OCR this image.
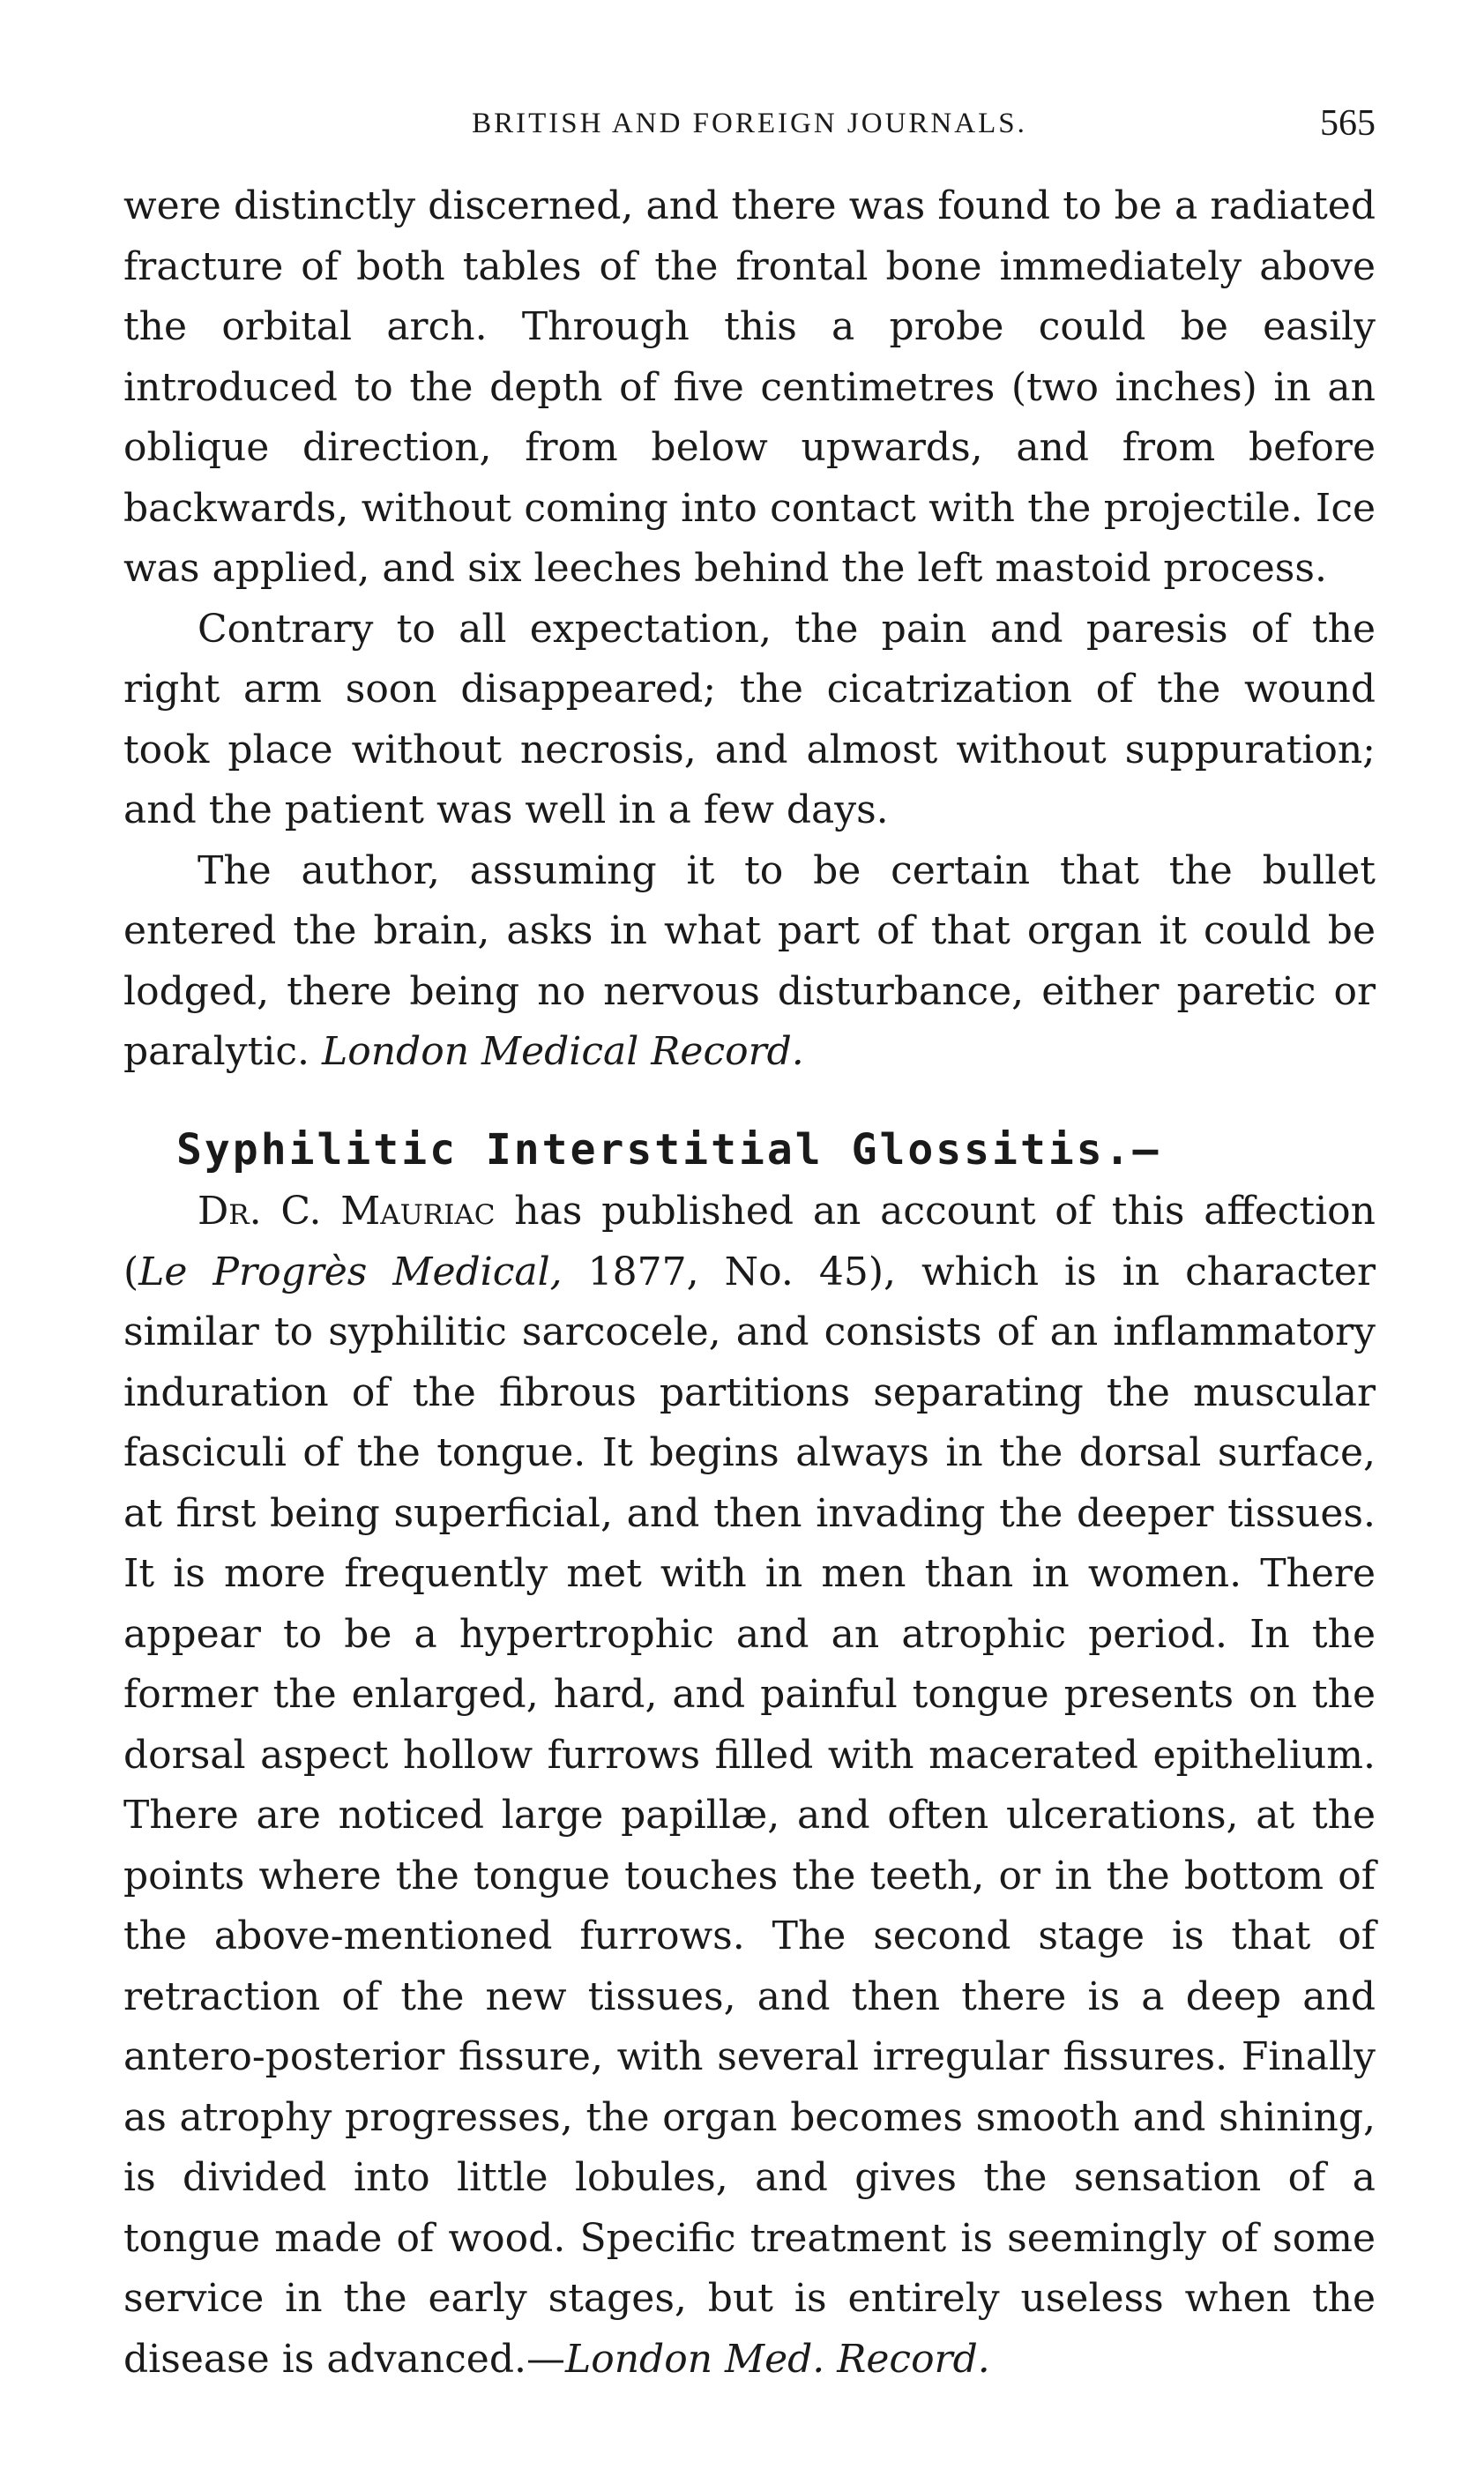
BRITISH AND FOREIGN JOURNALS.	565

were distinctly discerned, and there was found to be a radiated fracture of both tables of the frontal bone immediately above the orbital arch. Through this a probe could be easily introduced to the depth of five centimetres (two inches) in an oblique direction, from below upwards, and from before backwards, without coming into contact with the projectile. Ice was applied, and six leeches behind the left mastoid process.

Contrary to all expectation, the pain and paresis of the right arm soon disappeared; the cicatrization of the wound took place without necrosis, and almost without suppuration; and the patient was well in a few days.

The author, assuming it to be certain that the bullet entered the brain, asks in what part of that organ it could be lodged, there being no nervous disturbance, either paretic or paralytic. London Medical Record.

Syphilitic Interstitial Glossitis.—

Dr. C. Mauriac has published an account of this affection (Le Progrès Medical, 1877, No. 45), which is in character similar to syphilitic sarcocele, and consists of an inflammatory induration of the fibrous partitions separating the muscular fasciculi of the tongue. It begins always in the dorsal surface, at first being superficial, and then invading the deeper tissues. It is more frequently met with in men than in women. There appear to be a hypertrophic and an atrophic period. In the former the enlarged, hard, and painful tongue presents on the dorsal aspect hollow furrows filled with macerated epithelium. There are noticed large papillæ, and often ulcerations, at the points where the tongue touches the teeth, or in the bottom of the above-mentioned furrows. The second stage is that of retraction of the new tissues, and then there is a deep and antero-posterior fissure, with several irregular fissures. Finally as atrophy progresses, the organ becomes smooth and shining, is divided into little lobules, and gives the sensation of a tongue made of wood. Specific treatment is seemingly of some service in the early stages, but is entirely useless when the disease is advanced.—London Med. Record.
